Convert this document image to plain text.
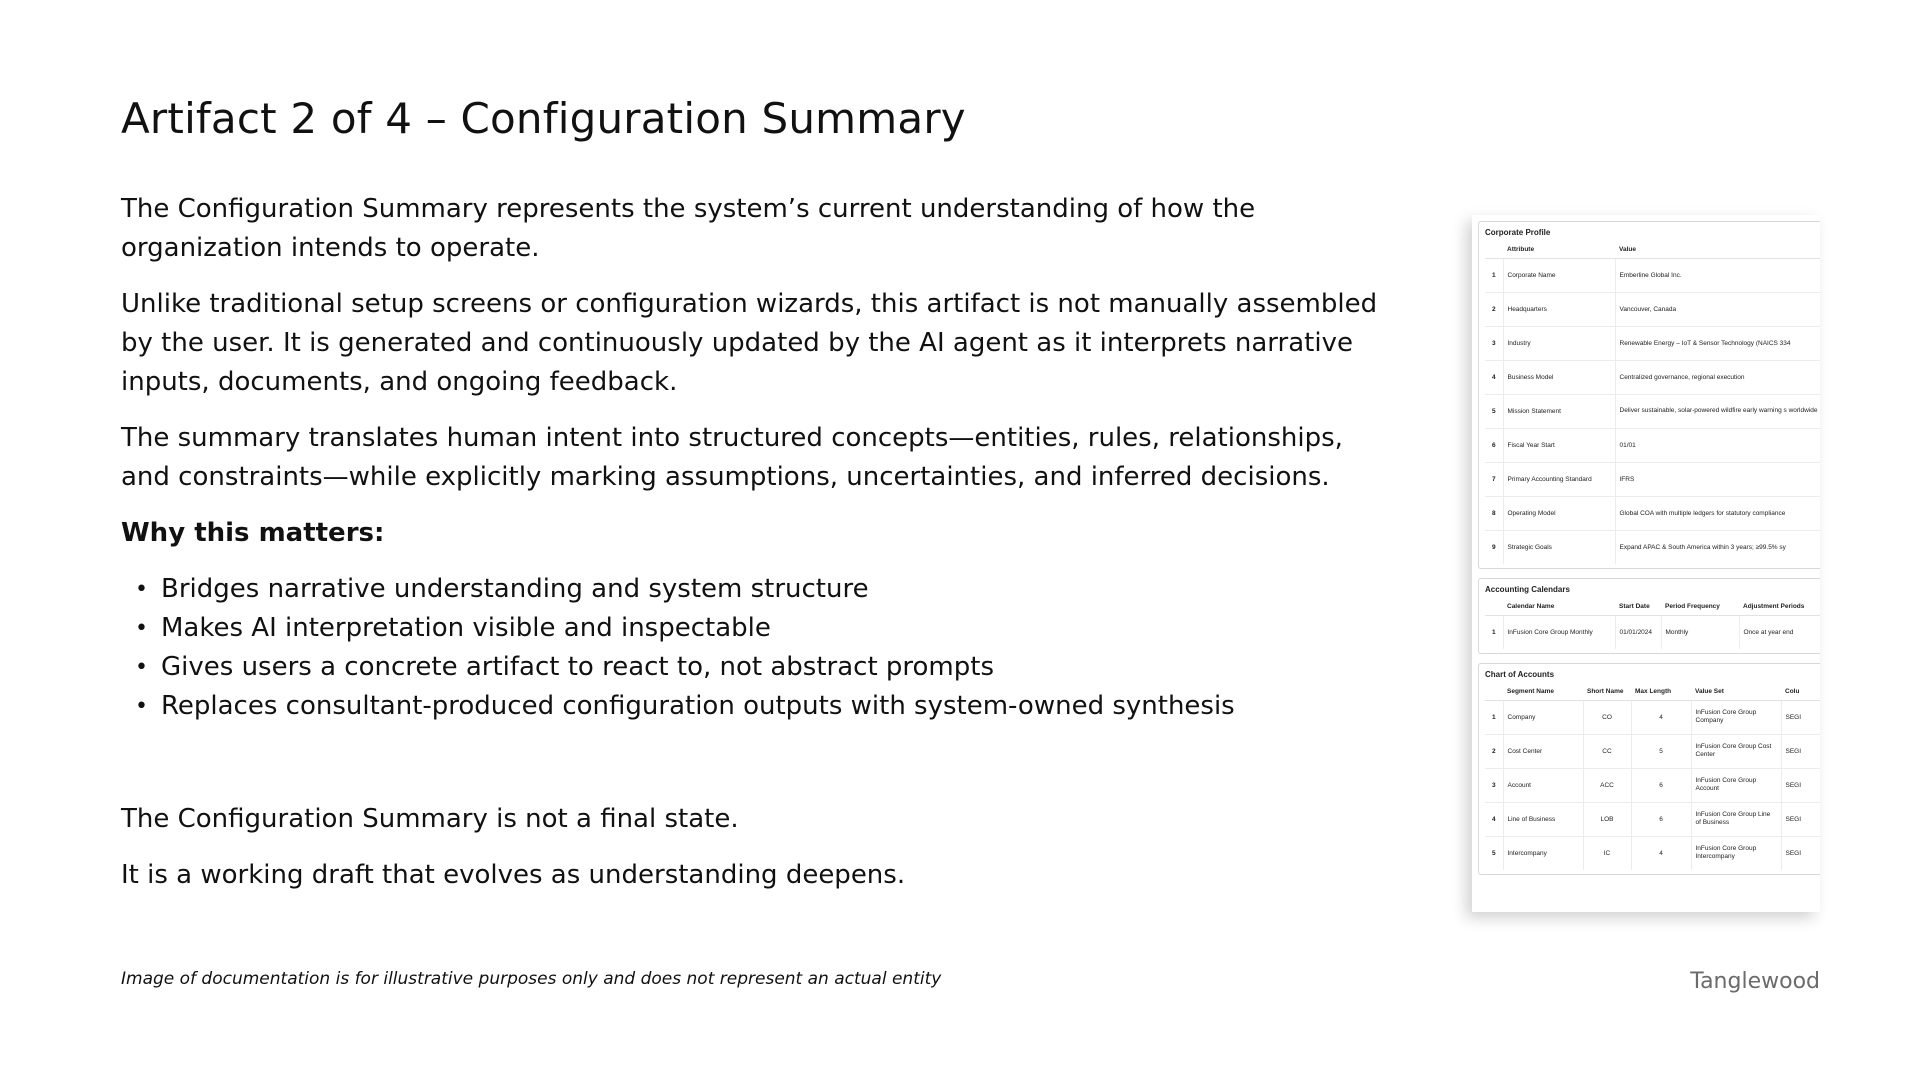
Artifact 2 of 4 – Configuration Summary

The Configuration Summary represents the system’s current understanding of how the organization intends to operate.

Unlike traditional setup screens or configuration wizards, this artifact is not manually assembled by the user. It is generated and continuously updated by the AI agent as it interprets narrative inputs, documents, and ongoing feedback.

The summary translates human intent into structured concepts—entities, rules, relationships, and constraints—while explicitly marking assumptions, uncertainties, and inferred decisions.

Why this matters:

• Bridges narrative understanding and system structure
• Makes AI interpretation visible and inspectable
• Gives users a concrete artifact to react to, not abstract prompts
• Replaces consultant-produced configuration outputs with system-owned synthesis

The Configuration Summary is not a final state.

It is a working draft that evolves as understanding deepens.

Image of documentation is for illustrative purposes only and does not represent an actual entity	Tanglewood
Corporate Profile
	Attribute	Value
1	Corporate Name	Emberline Global Inc.
2	Headquarters	Vancouver, Canada
3	Industry	Renewable Energy – IoT & Sensor Technology (NAICS 334
4	Business Model	Centralized governance, regional execution
5	Mission Statement	Deliver sustainable, solar-powered wildfire early warning s worldwide
6	Fiscal Year Start	01/01
7	Primary Accounting Standard	IFRS
8	Operating Model	Global COA with multiple ledgers for statutory compliance
9	Strategic Goals	Expand APAC & South America within 3 years; ≥99.5% sy
Accounting Calendars
	Calendar Name	Start Date	Period Frequency	Adjustment Periods
1	InFusion Core Group Monthly	01/01/2024	Monthly	Once at year end
Chart of Accounts
	Segment Name	Short Name	Max Length	Value Set	Colu
1	Company	CO	4	InFusion Core Group Company	SEGI
2	Cost Center	CC	5	InFusion Core Group Cost Center	SEGI
3	Account	ACC	6	InFusion Core Group Account	SEGI
4	Line of Business	LOB	6	InFusion Core Group Line of Business	SEGI
5	Intercompany	IC	4	InFusion Core Group Intercompany	SEGI
